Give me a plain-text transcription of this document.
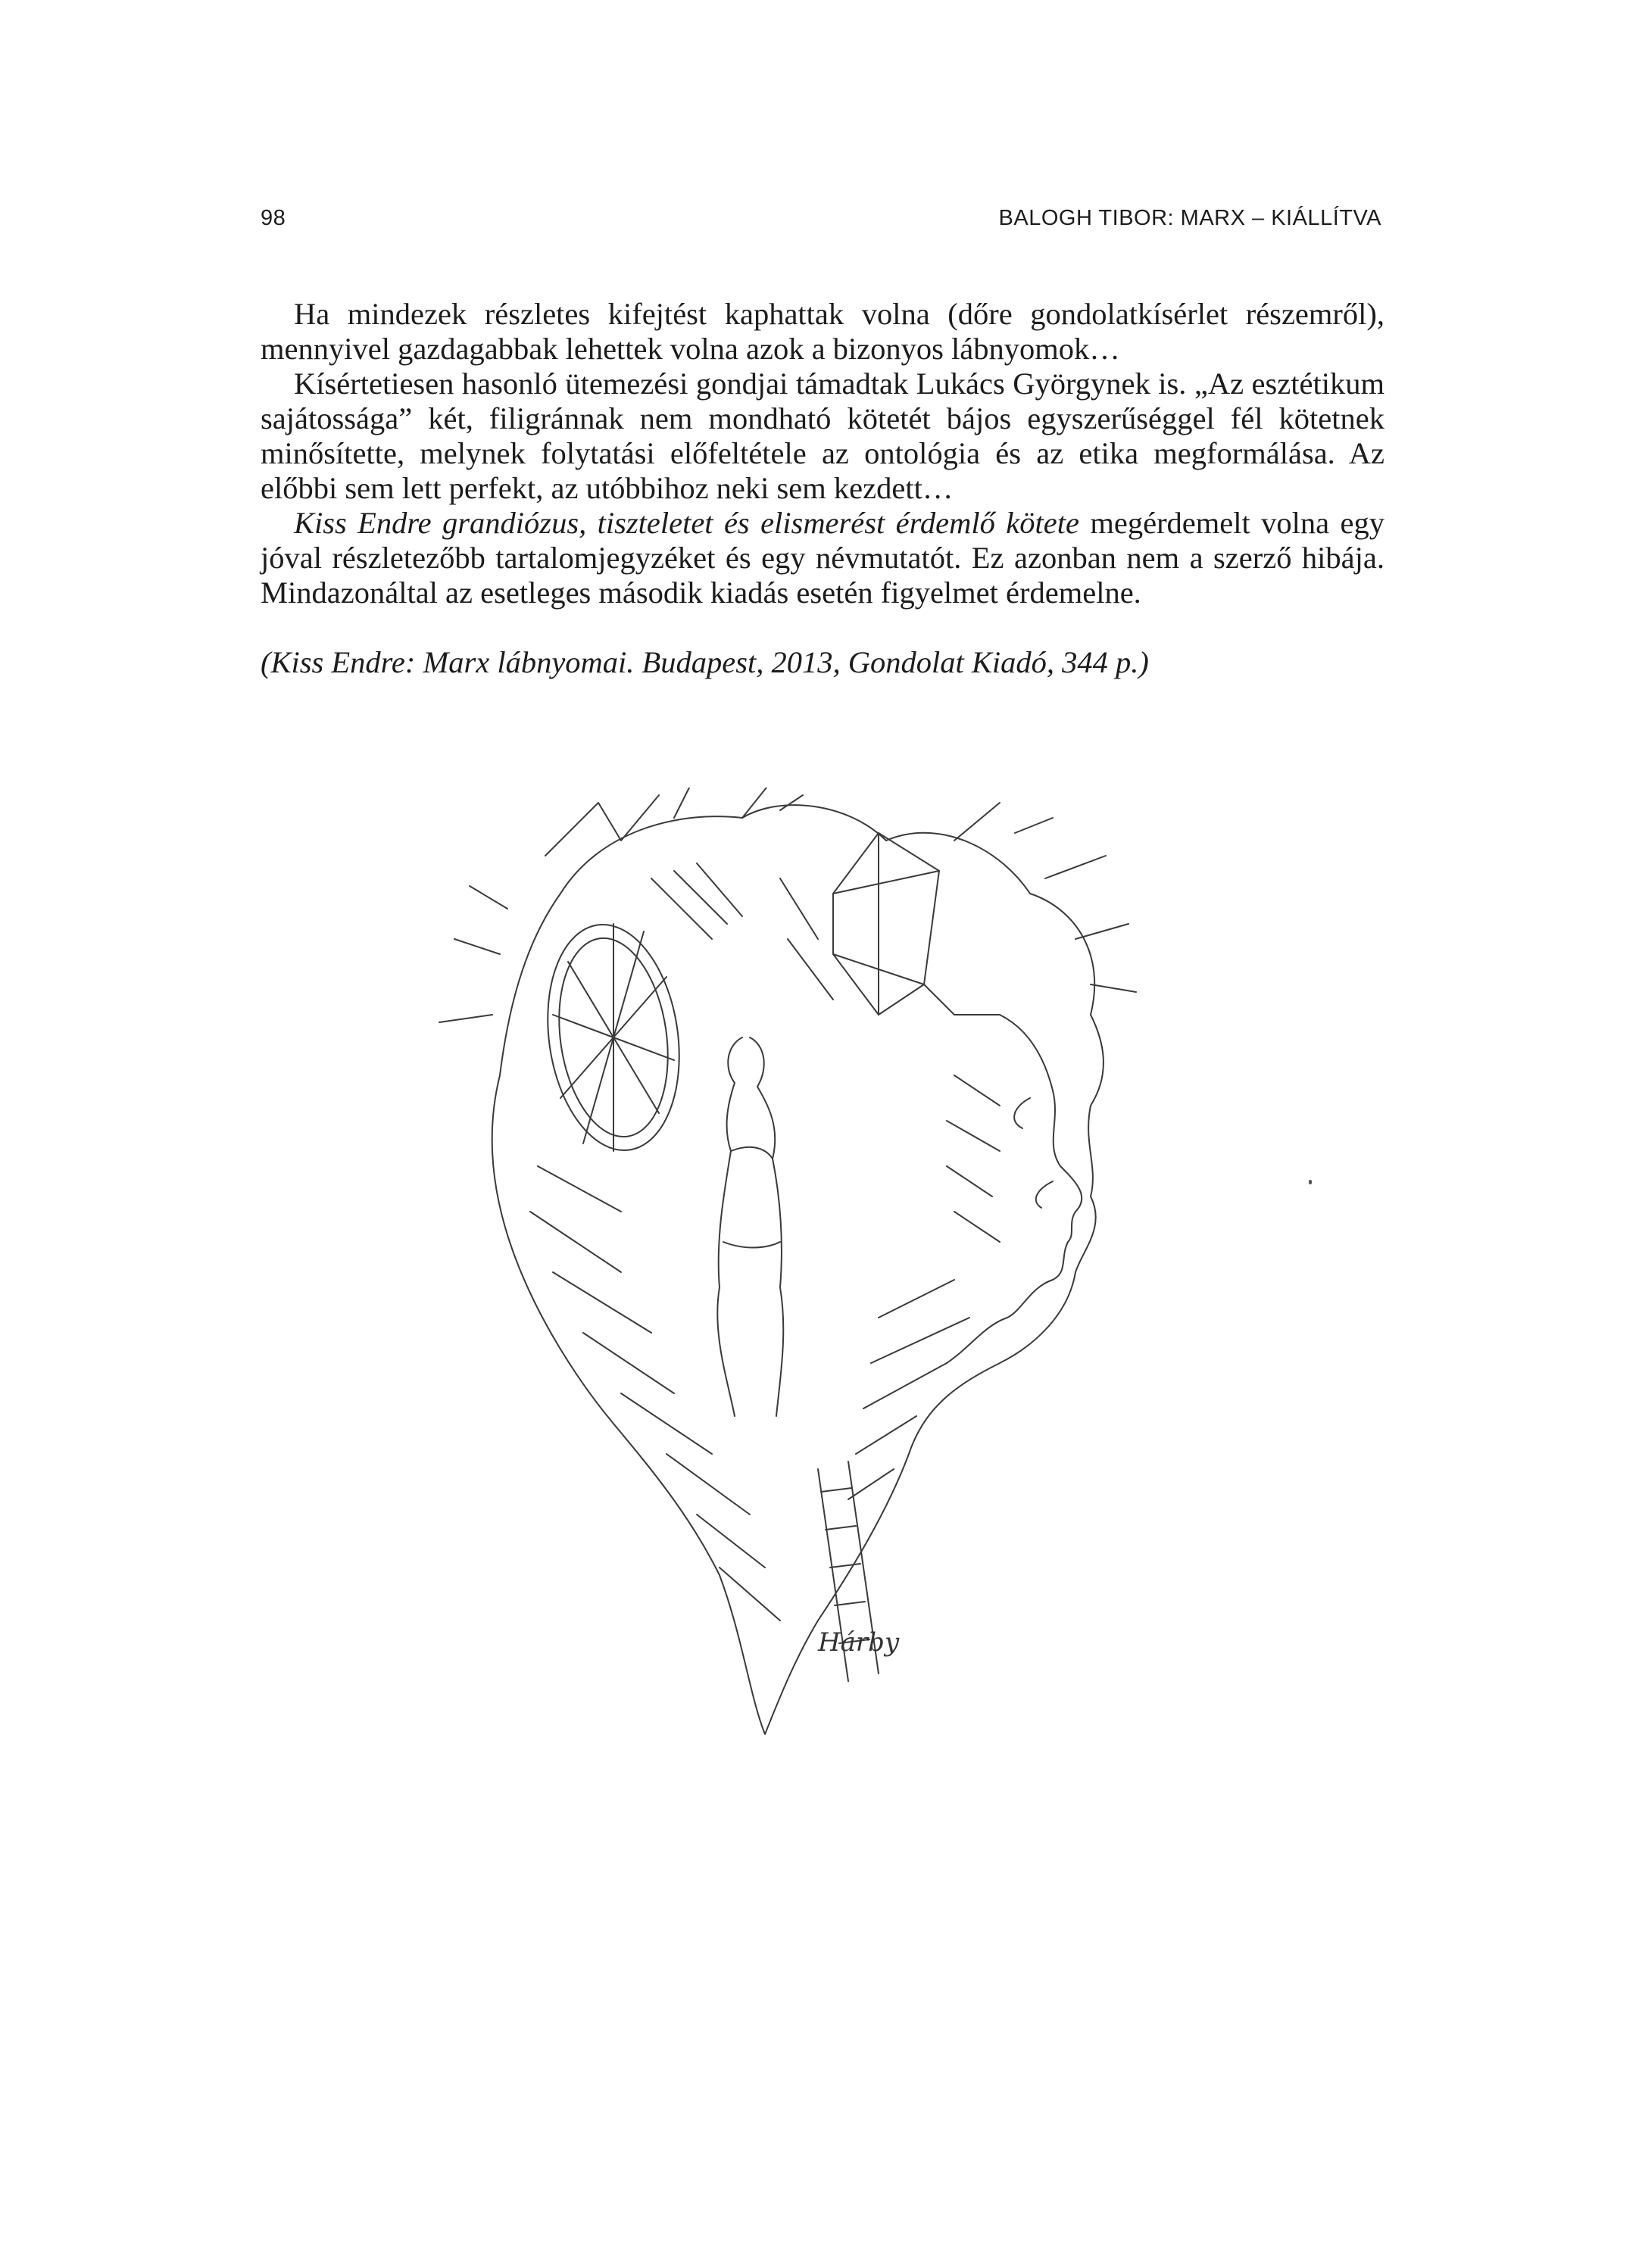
98	BALOGH TIBOR: MARX – KIÁLLÍTVA

Ha mindezek részletes kifejtést kaphattak volna (dőre gondolatkísérlet részemről), mennyivel gazdagabbak lehettek volna azok a bizonyos lábnyomok…

Kísértetiesen hasonló ütemezési gondjai támadtak Lukács Györgynek is. „Az esztétikum sajátossága” két, filigránnak nem mondható kötetét bájos egyszerűséggel fél kötetnek minősítette, melynek folytatási előfeltétele az ontológia és az etika megformálása. Az előbbi sem lett perfekt, az utóbbihoz neki sem kezdett…

Kiss Endre grandiózus, tiszteletet és elismerést érdemlő kötete megérdemelt volna egy jóval részletezőbb tartalomjegyzéket és egy névmutatót. Ez azonban nem a szerző hibája. Mindazonáltal az esetleges második kiadás esetén figyelmet érdemelne.

(Kiss Endre: Marx lábnyomai. Budapest, 2013, Gondolat Kiadó, 344 p.)
Hárby
